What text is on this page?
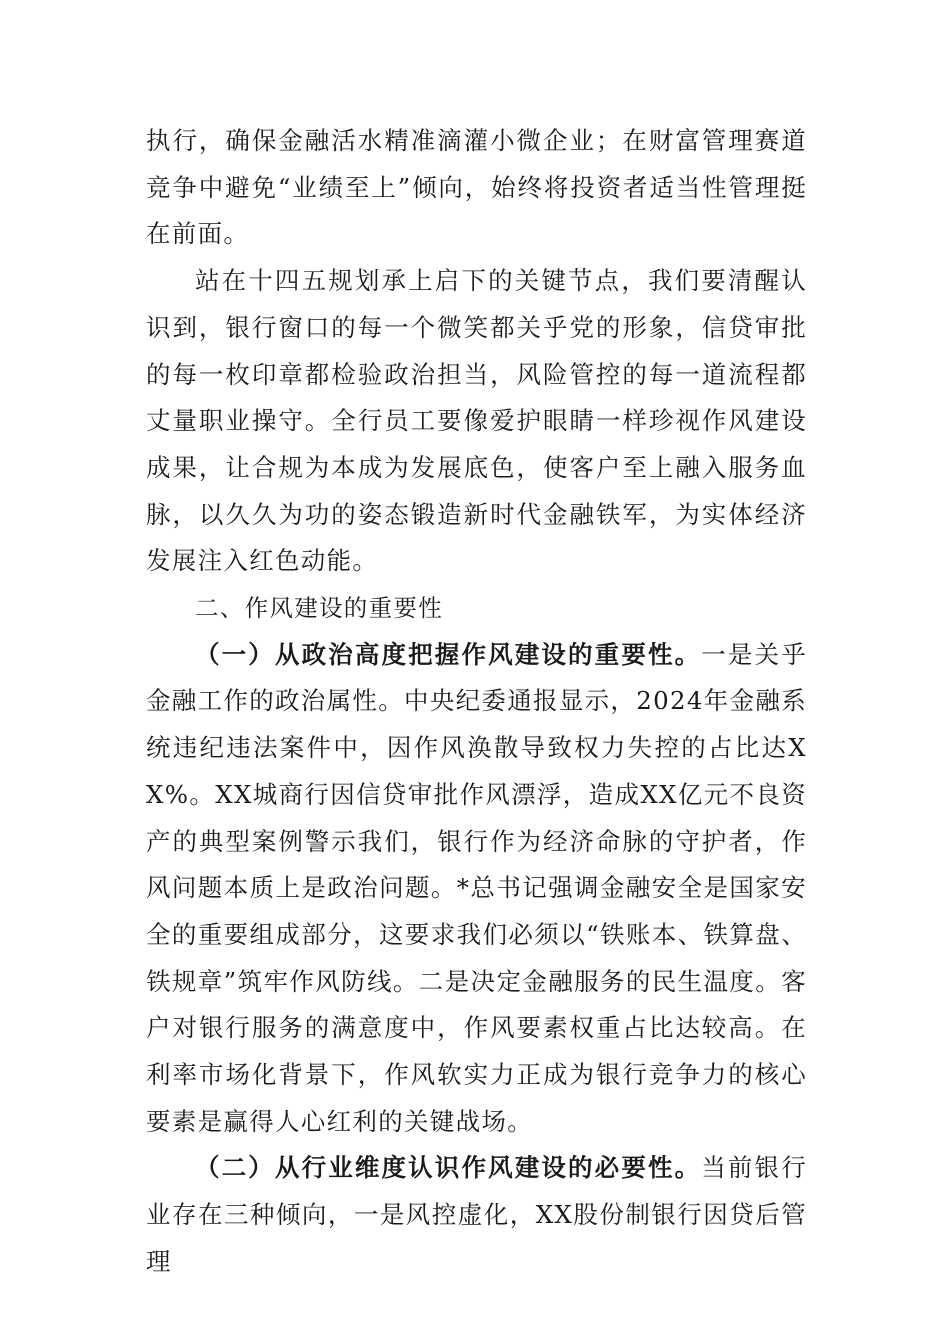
执行，确保金融活水精准滴灌小微企业；在财富管理赛道竞争中避免“业绩至上”倾向，始终将投资者适当性管理挺在前面。

站在十四五规划承上启下的关键节点，我们要清醒认识到，银行窗口的每一个微笑都关乎党的形象，信贷审批的每一枚印章都检验政治担当，风险管控的每一道流程都丈量职业操守。全行员工要像爱护眼睛一样珍视作风建设成果，让合规为本成为发展底色，使客户至上融入服务血脉，以久久为功的姿态锻造新时代金融铁军，为实体经济发展注入红色动能。

二、作风建设的重要性

（一）从政治高度把握作风建设的重要性。一是关乎金融工作的政治属性。中央纪委通报显示，2024年金融系统违纪违法案件中，因作风涣散导致权力失控的占比达XX%。XX城商行因信贷审批作风漂浮，造成XX亿元不良资产的典型案例警示我们，银行作为经济命脉的守护者，作风问题本质上是政治问题。*总书记强调金融安全是国家安全的重要组成部分，这要求我们必须以“铁账本、铁算盘、铁规章”筑牢作风防线。二是决定金融服务的民生温度。客户对银行服务的满意度中，作风要素权重占比达较高。在利率市场化背景下，作风软实力正成为银行竞争力的核心要素是赢得人心红利的关键战场。

（二）从行业维度认识作风建设的必要性。当前银行业存在三种倾向，一是风控虚化，XX股份制银行因贷后管理
